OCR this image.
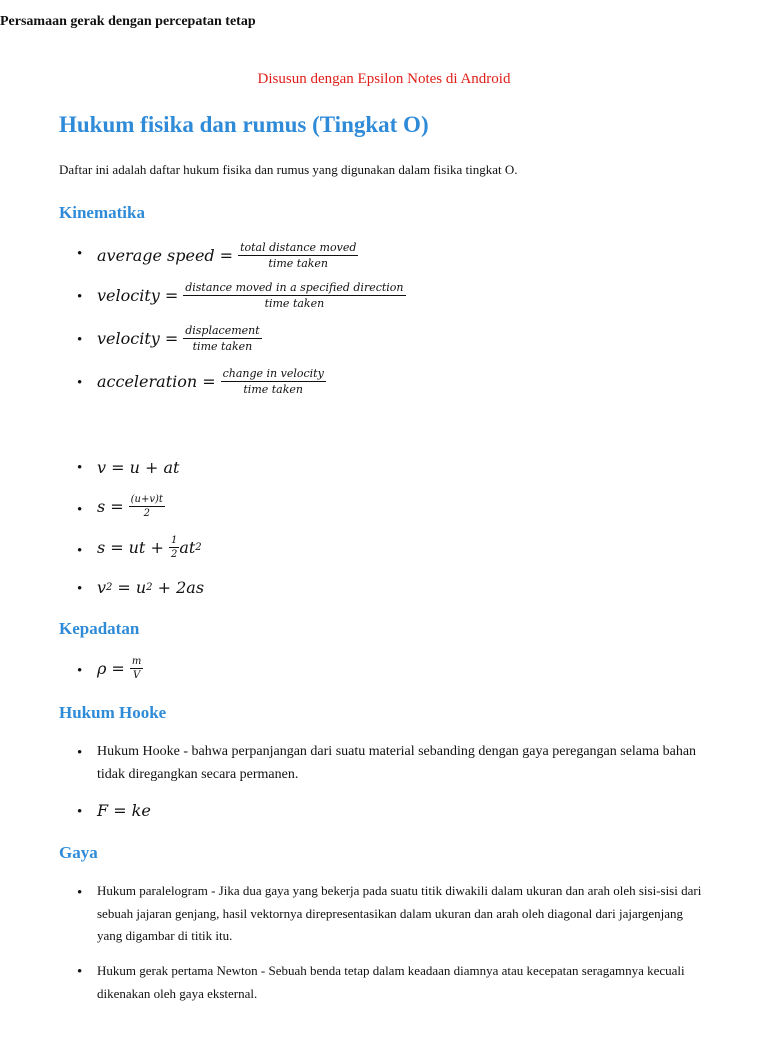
Disusun dengan Epsilon Notes di Android
Hukum fisika dan rumus (Tingkat O)

Daftar ini adalah daftar hukum fisika dan rumus yang digunakan dalam fisika tingkat O.

Kinematika
• average speed = $\frac{\text{total distance moved}}{\text{time taken}}$
• velocity = $\frac{\text{distance moved in a specified direction}}{\text{time taken}}$
• velocity = $\frac{\text{displacement}}{\text{time taken}}$
• acceleration = $\frac{\text{change in velocity}}{\text{time taken}}$
Persamaan gerak dengan percepatan tetap
• v = u + at
• $s = \frac{(u+v)t}{2}$
• s = ut +
$\frac{1}{2}$ at 2
• v 2 = u 2
+ 2as
Kepadatan
• $\rho = \frac{m}{V}$
Hukum Hooke
• Hukum Hooke - bahwa perpanjangan dari suatu material sebanding dengan gaya peregangan selama bahan tidak diregangkan secara permanen.
• F = ke
Gaya
• Hukum paralelogram - Jika dua gaya yang bekerja pada suatu titik diwakili dalam ukuran dan arah oleh sisi-sisi dari sebuah jajaran genjang, hasil vektornya direpresentasikan dalam ukuran dan arah oleh diagonal dari jajargenjang yang digambar di titik itu.
• Hukum gerak pertama Newton - Sebuah benda tetap dalam keadaan diamnya atau kecepatan seragamnya kecuali dikenakan oleh gaya eksternal.
